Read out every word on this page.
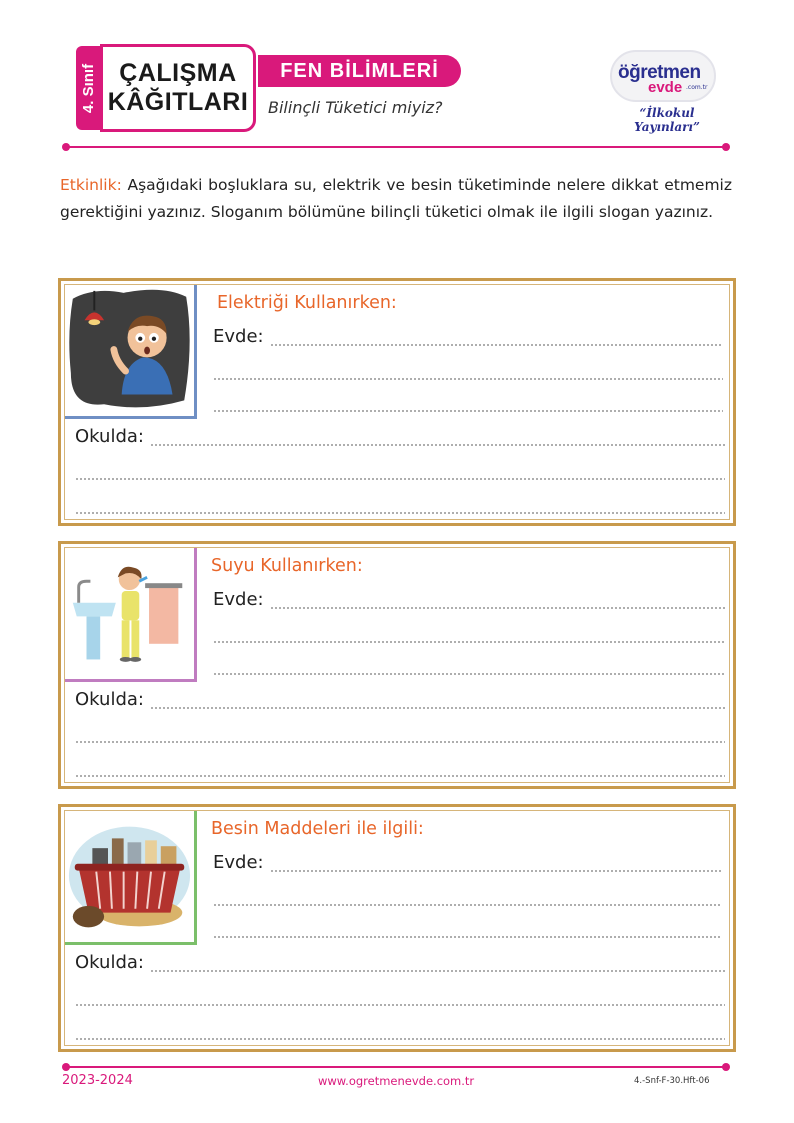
4. Sınıf ÇALIŞMA
KÂĞITLARI
FEN BİLİMLERİ
Bilinçli Tüketici miyiz?
öğretmen
evde .com.tr
“İlkokul Yayınları”
Etkinlik: Aşağıdaki boşluklara su, elektrik ve besin tüketiminde nelere dikkat etmemiz gerektiğini yazınız. Sloganım bölümüne bilinçli tüketici olmak ile ilgili slogan yazınız.
Elektriği Kullanırken:
Evde:
Okulda:
Suyu Kullanırken:
Evde:
Okulda:
Besin Maddeleri ile ilgili:
Evde:
Okulda:
2023-2024	www.ogretmenevde.com.tr	4.-Snf-F-30.Hft-06
